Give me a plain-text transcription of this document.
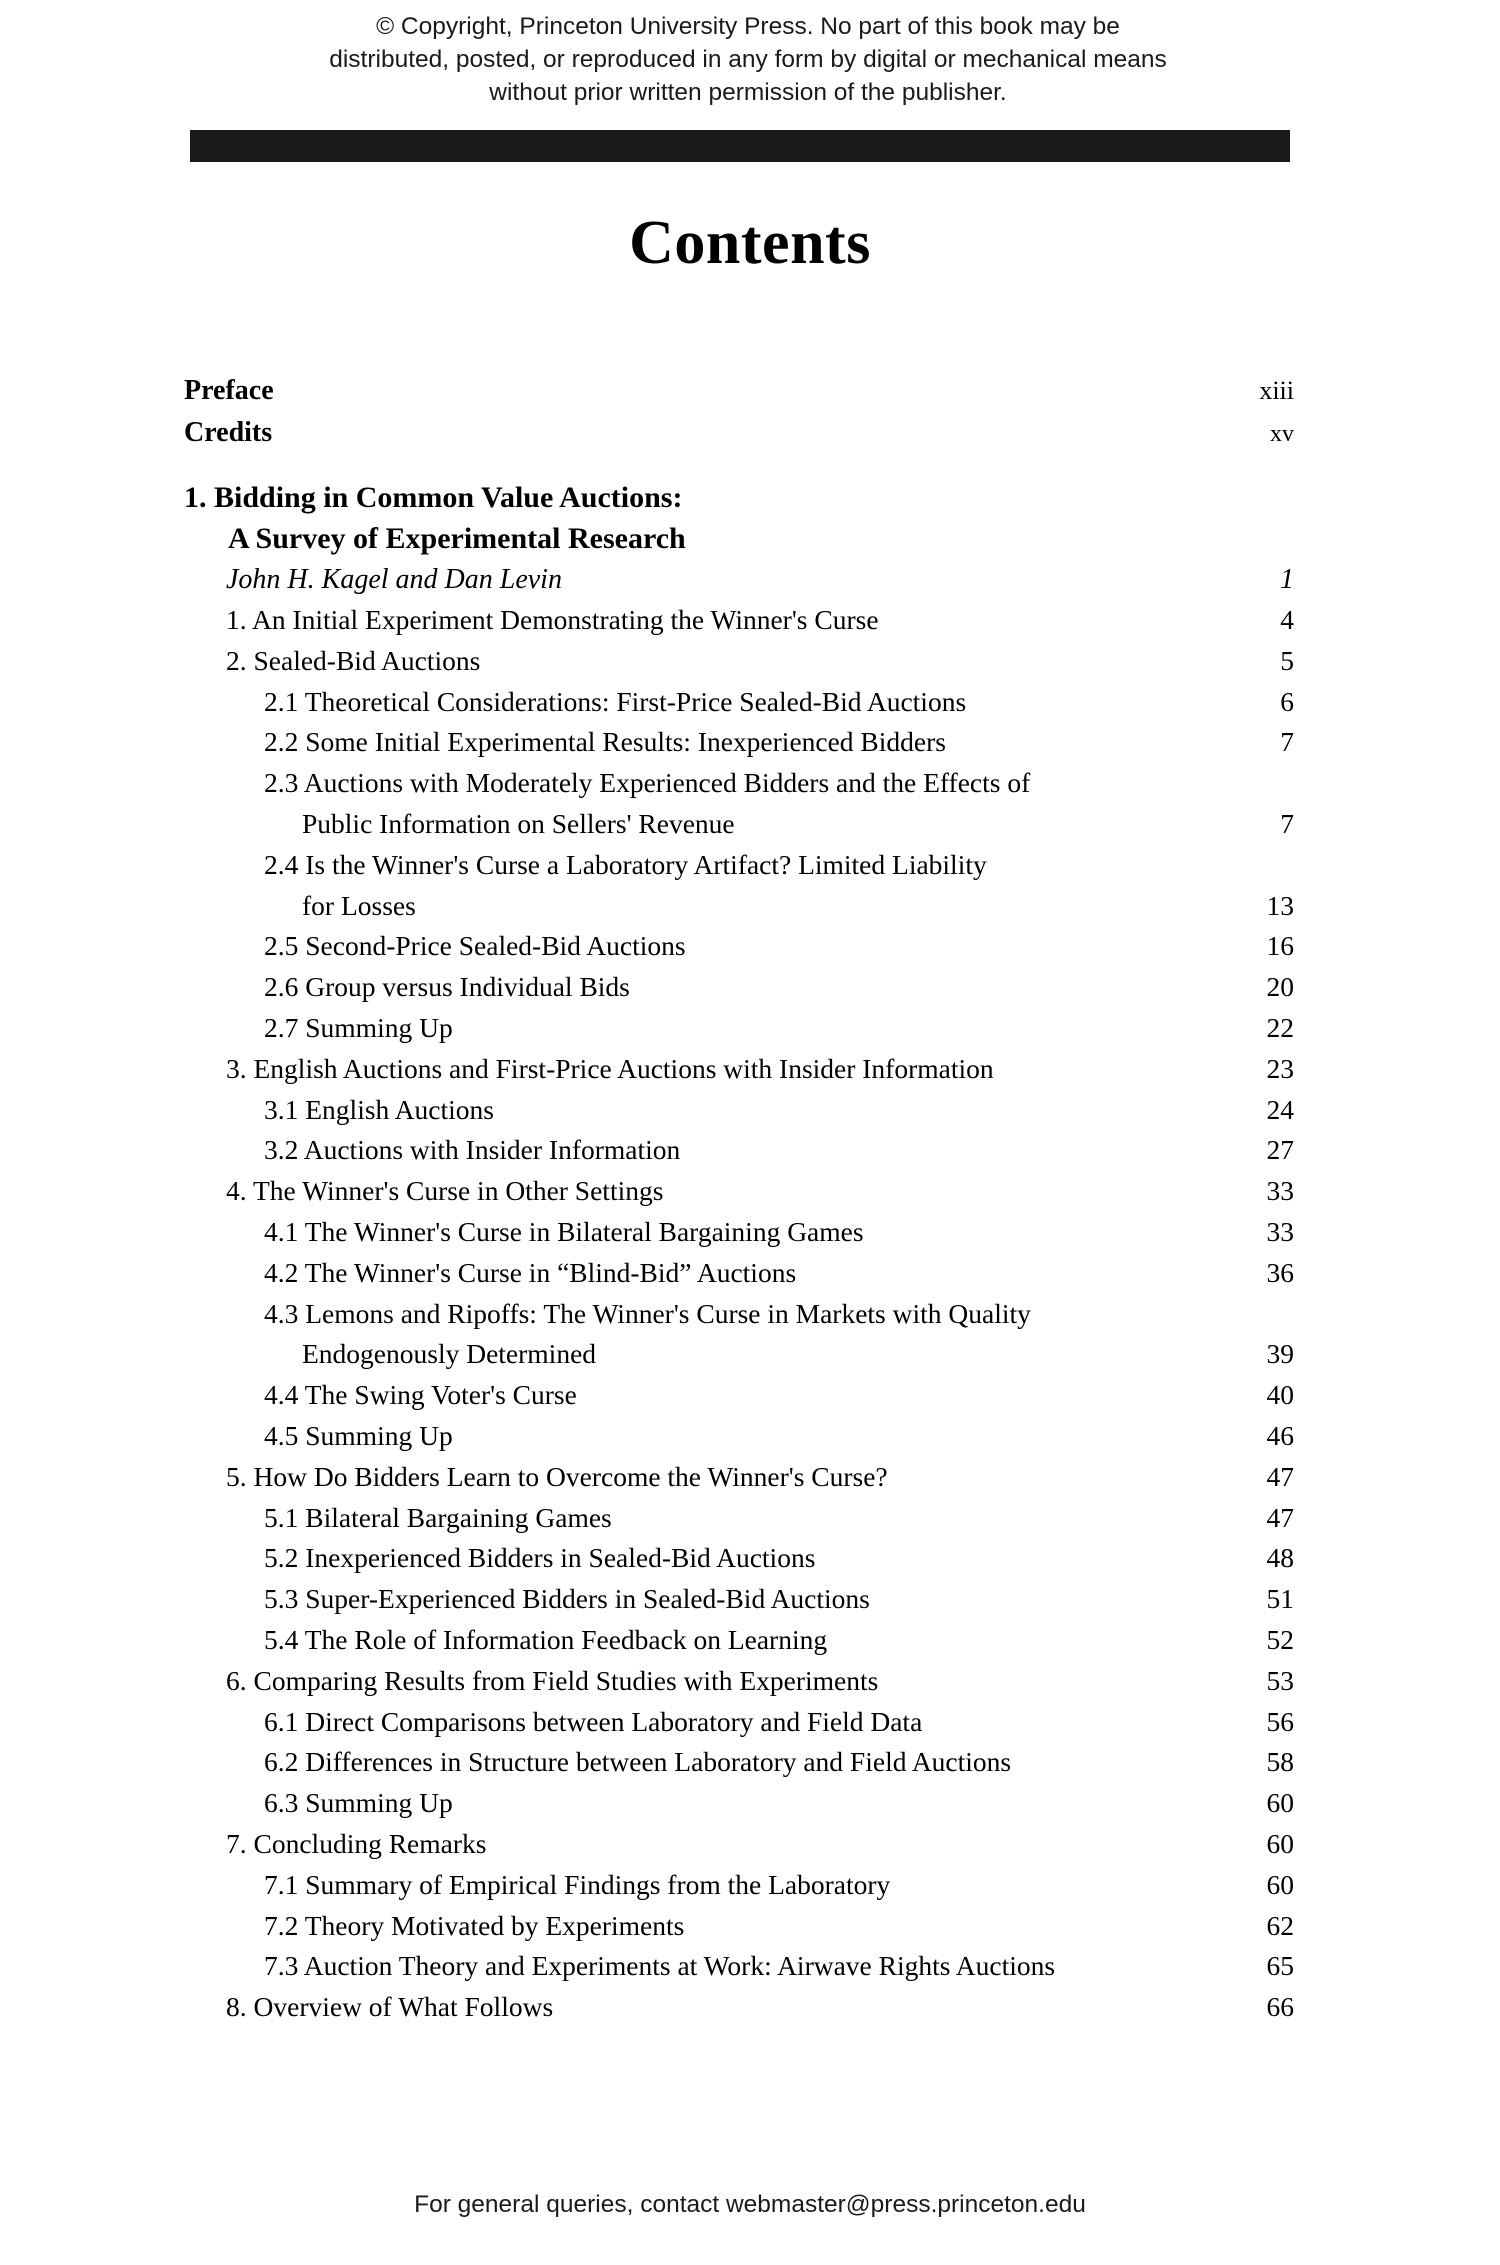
© Copyright, Princeton University Press. No part of this book may be distributed, posted, or reproduced in any form by digital or mechanical means without prior written permission of the publisher.
Contents
Preface	xiii
Credits	xv
1. Bidding in Common Value Auctions:
A Survey of Experimental Research
John H. Kagel and Dan Levin	1
1. An Initial Experiment Demonstrating the Winner's Curse	4
2. Sealed-Bid Auctions	5
2.1 Theoretical Considerations: First-Price Sealed-Bid Auctions	6
2.2 Some Initial Experimental Results: Inexperienced Bidders	7
2.3 Auctions with Moderately Experienced Bidders and the Effects of
Public Information on Sellers' Revenue	7
2.4 Is the Winner's Curse a Laboratory Artifact? Limited Liability
for Losses	13
2.5 Second-Price Sealed-Bid Auctions	16
2.6 Group versus Individual Bids	20
2.7 Summing Up	22
3. English Auctions and First-Price Auctions with Insider Information	23
3.1 English Auctions	24
3.2 Auctions with Insider Information	27
4. The Winner's Curse in Other Settings	33
4.1 The Winner's Curse in Bilateral Bargaining Games	33
4.2 The Winner's Curse in “Blind-Bid” Auctions	36
4.3 Lemons and Ripoffs: The Winner's Curse in Markets with Quality
Endogenously Determined	39
4.4 The Swing Voter's Curse	40
4.5 Summing Up	46
5. How Do Bidders Learn to Overcome the Winner's Curse?	47
5.1 Bilateral Bargaining Games	47
5.2 Inexperienced Bidders in Sealed-Bid Auctions	48
5.3 Super-Experienced Bidders in Sealed-Bid Auctions	51
5.4 The Role of Information Feedback on Learning	52
6. Comparing Results from Field Studies with Experiments	53
6.1 Direct Comparisons between Laboratory and Field Data	56
6.2 Differences in Structure between Laboratory and Field Auctions	58
6.3 Summing Up	60
7. Concluding Remarks	60
7.1 Summary of Empirical Findings from the Laboratory	60
7.2 Theory Motivated by Experiments	62
7.3 Auction Theory and Experiments at Work: Airwave Rights Auctions	65
8. Overview of What Follows	66
For general queries, contact webmaster@press.princeton.edu
